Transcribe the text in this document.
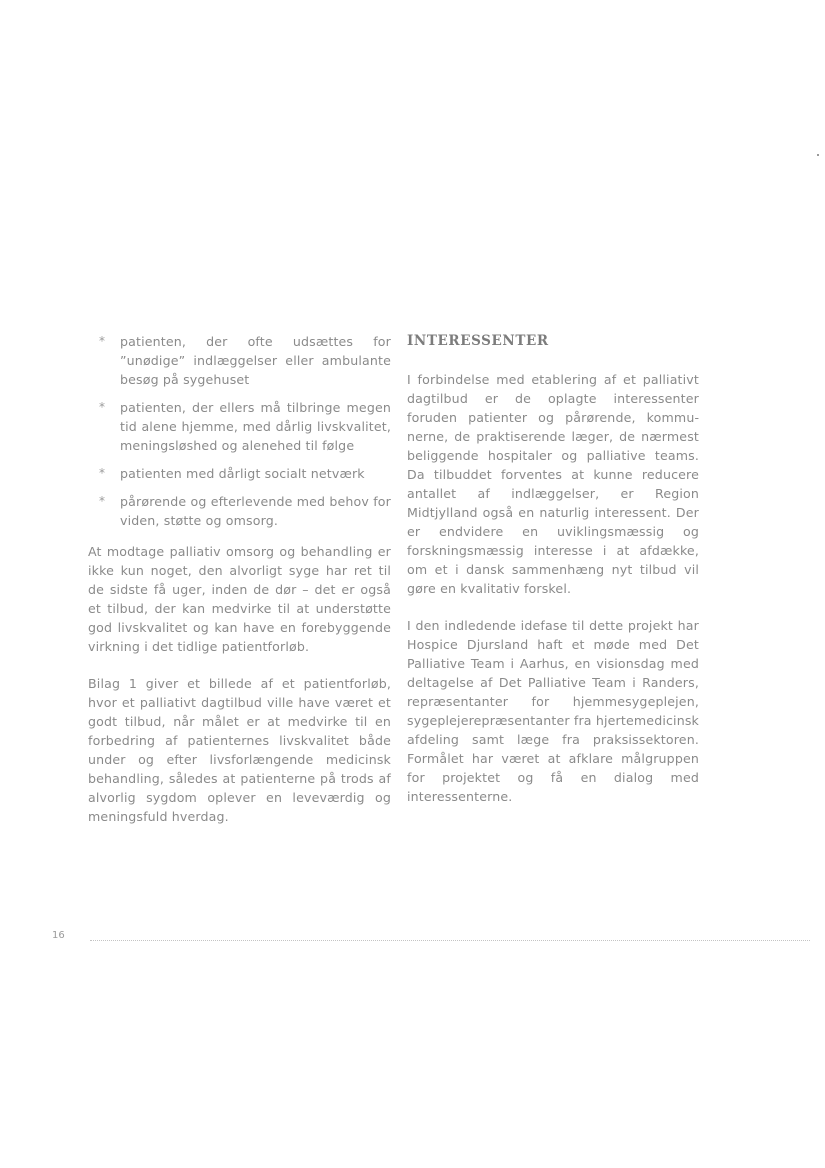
* patienten, der ofte udsættes for ”unødige” indlæggelser eller ambulante besøg på sygehuset
* patienten, der ellers må tilbringe megen tid alene hjemme, med dårlig livskvalitet, meningsløshed og alenehed til følge
* patienten med dårligt socialt netværk
* pårørende og efterlevende med behov for viden, støtte og omsorg.

At modtage palliativ omsorg og behandling er ikke kun noget, den alvorligt syge har ret til de sidste få uger, inden de dør – det er også et tilbud, der kan medvirke til at understøtte god livskvalitet og kan have en forebyggende virkning i det tidlige patientforløb.

Bilag 1 giver et billede af et patientforløb, hvor et palliativt dagtilbud ville have været et godt tilbud, når målet er at medvirke til en forbedring af patienternes livskvalitet både under og efter livsforlængende medicinsk behandling, således at patienterne på trods af alvorlig sygdom oplever en leveværdig og meningsfuld hverdag.

INTERESSENTER

I forbindelse med etablering af et palliativt dagtilbud er de oplagte interessenter foruden patienter og pårørende, kommunerne, de praktiserende læger, de nærmest beliggende hospitaler og palliative teams. Da tilbuddet forventes at kunne reducere antallet af indlæggelser, er Region Midtjylland også en naturlig interessent. Der er endvidere en uviklingsmæssig og forskningsmæssig interesse i at afdække, om et i dansk sammenhæng nyt tilbud vil gøre en kvalitativ forskel.

I den indledende idefase til dette projekt har Hospice Djursland haft et møde med Det Palliative Team i Aarhus, en visionsdag med deltagelse af Det Palliative Team i Randers, repræsentanter for hjemmesygeplejen, sygeplejerepræsentanter fra hjertemedicinsk afdeling samt læge fra praksissektoren. Formålet har været at afklare målgruppen for projektet og få en dialog med interessenterne.

16
